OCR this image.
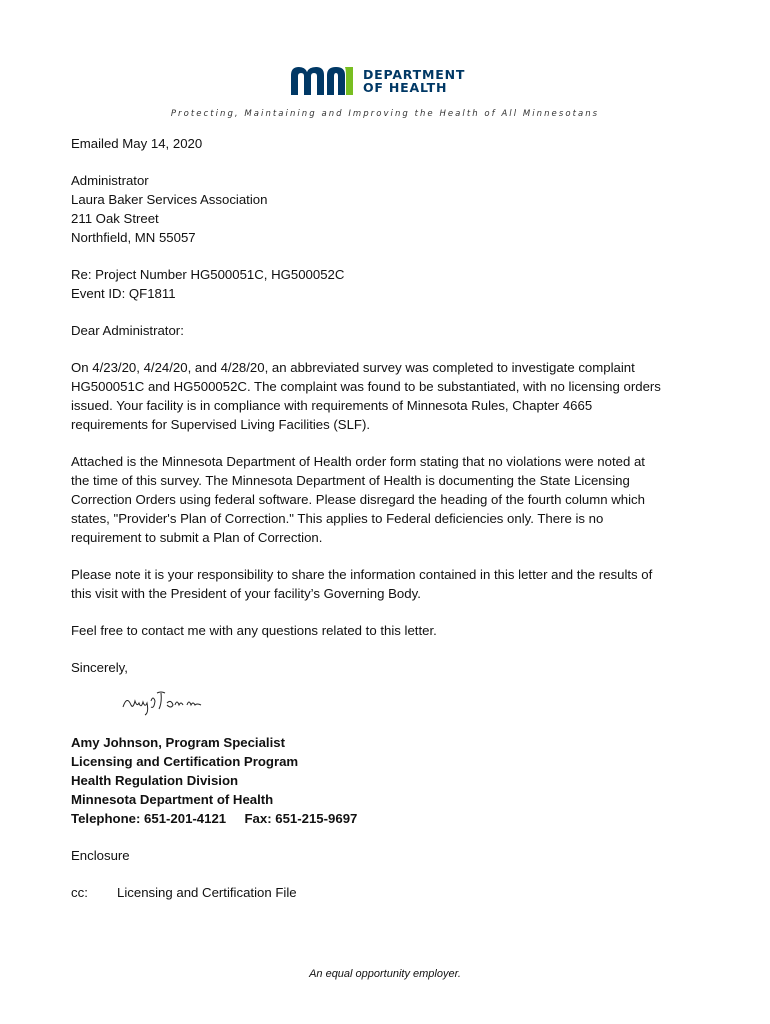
DEPARTMENT
OF HEALTH
Protecting, Maintaining and Improving the Health of All Minnesotans

Emailed May 14, 2020

Administrator
Laura Baker Services Association
211 Oak Street
Northfield, MN 55057

Re: Project Number HG500051C, HG500052C
Event ID: QF1811

Dear Administrator:

On 4/23/20, 4/24/20, and 4/28/20, an abbreviated survey was completed to investigate complaint
HG500051C and HG500052C. The complaint was found to be substantiated, with no licensing orders
issued. Your facility is in compliance with requirements of Minnesota Rules, Chapter 4665
requirements for Supervised Living Facilities (SLF).

Attached is the Minnesota Department of Health order form stating that no violations were noted at
the time of this survey. The Minnesota Department of Health is documenting the State Licensing
Correction Orders using federal software. Please disregard the heading of the fourth column which
states, "Provider's Plan of Correction." This applies to Federal deficiencies only. There is no
requirement to submit a Plan of Correction.

Please note it is your responsibility to share the information contained in this letter and the results of
this visit with the President of your facility’s Governing Body.

Feel free to contact me with any questions related to this letter.

Sincerely,

Amy Johnson, Program Specialist
Licensing and Certification Program
Health Regulation Division
Minnesota Department of Health
Telephone: 651-201-4121     Fax: 651-215-9697

Enclosure

cc:	Licensing and Certification File
An equal opportunity employer.
